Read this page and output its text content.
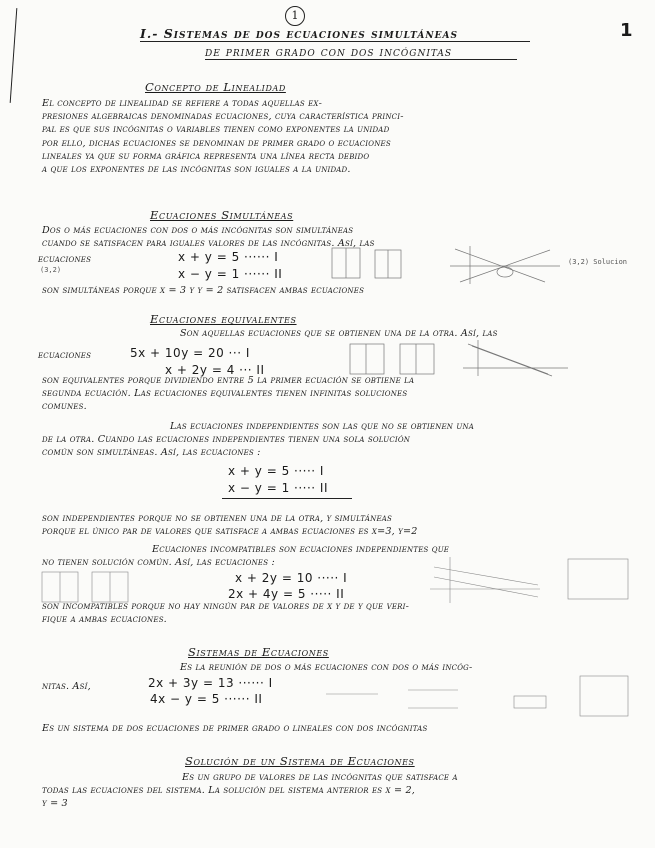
1
1
I.- Sistemas de dos ecuaciones simultáneas
de primer grado con dos incógnitas
Concepto de Linealidad
El concepto de linealidad se refiere a todas aquellas ex-
presiones algebraicas denominadas ecuaciones, cuya característica princi-
pal es que sus incógnitas o variables tienen como exponentes la unidad
por ello, dichas ecuaciones se denominan de primer grado o ecuaciones
lineales ya que su forma gráfica representa una línea recta debido
a que los exponentes de las incógnitas son iguales a la unidad.
Ecuaciones Simultáneas
Dos o más ecuaciones con dos o más incógnitas son simultáneas
cuando se satisfacen para iguales valores de las incógnitas. Así, las
ecuaciones
(3,2)
x + y = 5 ······ I
x − y = 1 ······ II
(3,2) Solucion
son simultáneas porque x = 3 y y = 2 satisfacen ambas ecuaciones
Ecuaciones equivalentes
Son aquellas ecuaciones que se obtienen una de la otra. Así, las
ecuaciones	5x + 10y = 20 ··· I
x + 2y = 4 ··· II
son equivalentes porque dividiendo entre 5 la primer ecuación se obtiene la
segunda ecuación. Las ecuaciones equivalentes tienen infinitas soluciones
comunes.
Las ecuaciones independientes son las que no se obtienen una
de la otra. Cuando las ecuaciones independientes tienen una sola solución
común son simultáneas. Así, las ecuaciones :
x + y = 5 ····· I
x − y = 1 ····· II
son independientes porque no se obtienen una de la otra, y simultáneas
porque el único par de valores que satisface a ambas ecuaciones es x=3, y=2
Ecuaciones incompatibles son ecuaciones independientes que
no tienen solución común. Así, las ecuaciones :
x + 2y = 10 ····· I
2x + 4y = 5 ····· II
son incompatibles porque no hay ningún par de valores de x y de y que veri-
fique a ambas ecuaciones.
Sistemas de Ecuaciones
Es la reunión de dos o más ecuaciones con dos o más incóg-
nitas. Así,	2x + 3y = 13 ······ I
4x − y = 5 ······ II
Es un sistema de dos ecuaciones de primer grado o lineales con dos incógnitas
Solución de un Sistema de Ecuaciones
Es un grupo de valores de las incógnitas que satisface a
todas las ecuaciones del sistema. La solución del sistema anterior es x = 2,
y = 3
